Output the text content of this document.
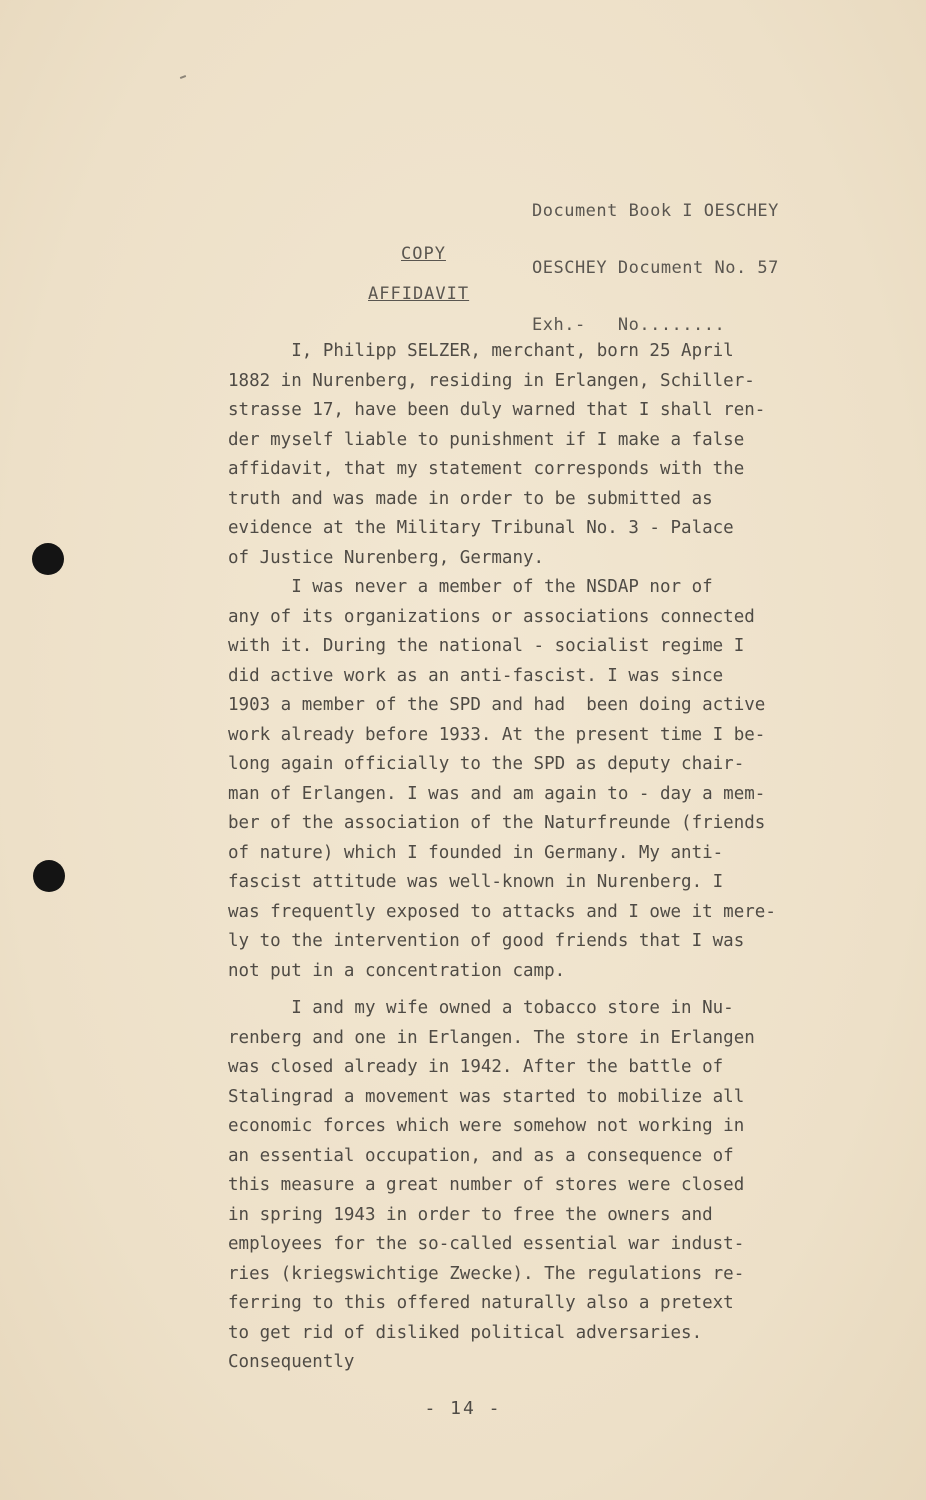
Document Book I OESCHEY

OESCHEY Document No. 57

Exh.-   No........

COPY
AFFIDAVIT
I, Philipp SELZER, merchant, born 25 April
1882 in Nurenberg, residing in Erlangen, Schiller-
strasse 17, have been duly warned that I shall ren-
der myself liable to punishment if I make a false
affidavit, that my statement corresponds with the
truth and was made in order to be submitted as
evidence at the Military Tribunal No. 3 - Palace
of Justice Nurenberg, Germany.
I was never a member of the NSDAP nor of
any of its organizations or associations connected
with it. During the national - socialist regime I
did active work as an anti-fascist. I was since
1903 a member of the SPD and had  been doing active
work already before 1933. At the present time I be-
long again officially to the SPD as deputy chair-
man of Erlangen. I was and am again to - day a mem-
ber of the association of the Naturfreunde (friends
of nature) which I founded in Germany. My anti-
fascist attitude was well-known in Nurenberg. I
was frequently exposed to attacks and I owe it mere-
ly to the intervention of good friends that I was
not put in a concentration camp.
I and my wife owned a tobacco store in Nu-
renberg and one in Erlangen. The store in Erlangen
was closed already in 1942. After the battle of
Stalingrad a movement was started to mobilize all
economic forces which were somehow not working in
an essential occupation, and as a consequence of
this measure a great number of stores were closed
in spring 1943 in order to free the owners and
employees for the so-called essential war indust-
ries (kriegswichtige Zwecke). The regulations re-
ferring to this offered naturally also a pretext
to get rid of disliked political adversaries.
Consequently
- 14 -
